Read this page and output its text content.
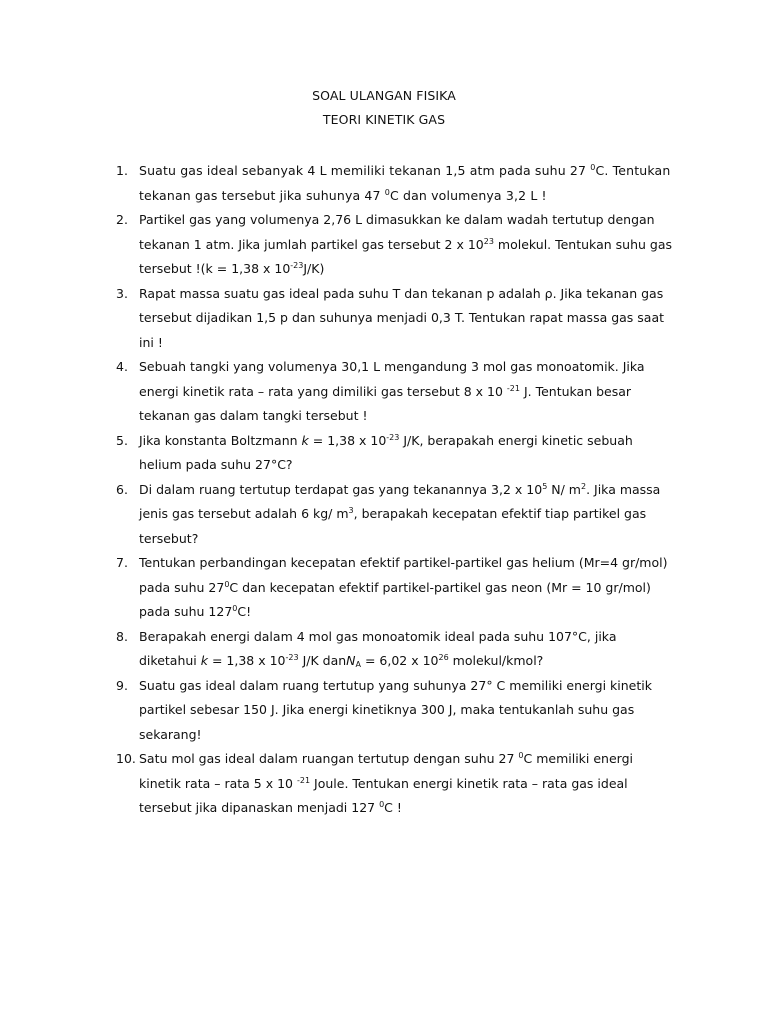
SOAL ULANGAN FISIKA
TEORI KINETIK GAS
1. Suatu gas ideal sebanyak 4 L memiliki tekanan 1,5 atm pada suhu 27 $^0$C. Tentukan tekanan gas tersebut jika suhunya 47 $^0$C dan volumenya 3,2 L !
2. Partikel gas yang volumenya 2,76 L dimasukkan ke dalam wadah tertutup dengan tekanan 1 atm. Jika jumlah partikel gas tersebut 2 x $10^{23}$ molekul. Tentukan suhu gas tersebut !(k = 1,38 x $10^{-23}J/K$)
3. Rapat massa suatu gas ideal pada suhu T dan tekanan p adalah ρ. Jika tekanan gas tersebut dijadikan 1,5 p dan suhunya menjadi 0,3 T. Tentukan rapat massa gas saat ini !
4. Sebuah tangki yang volumenya 30,1 L mengandung 3 mol gas monoatomik. Jika energi kinetik rata – rata yang dimiliki gas tersebut 8 x 10 $^{-21}$ J. Tentukan besar tekanan gas dalam tangki tersebut !
5. Jika konstanta Boltzmann k = 1,38 x $10^{-23}$ J/K, berapakah energi kinetic sebuah helium pada suhu 27°C?
6. Di dalam ruang tertutup terdapat gas yang tekanannya 3,2 x $10^5$ N/ $m^2$. Jika massa jenis gas tersebut adalah 6 kg/ $m^3$, berapakah kecepatan efektif tiap partikel gas tersebut?
7. Tentukan perbandingan kecepatan efektif partikel-partikel gas helium (Mr=4 gr/mol) pada suhu $27^0C$ dan kecepatan efektif partikel-partikel gas neon (Mr = 10 gr/mol) pada suhu $127^0C$!
8. Berapakah energi dalam 4 mol gas monoatomik ideal pada suhu 107°C, jika diketahui k = 1,38 x $10^{-23}$ J/K danN$_A$ = 6,02 x $10^{26}$ molekul/kmol?
9. Suatu gas ideal dalam ruang tertutup yang suhunya 27° C memiliki energi kinetik partikel sebesar 150 J. Jika energi kinetiknya 300 J, maka tentukanlah suhu gas sekarang!
10. Satu mol gas ideal dalam ruangan tertutup dengan suhu 27 $^0$C memiliki energi kinetik rata – rata 5 x 10 $^{-21}$ Joule. Tentukan energi kinetik rata – rata gas ideal tersebut jika dipanaskan menjadi 127 $^0$C !
